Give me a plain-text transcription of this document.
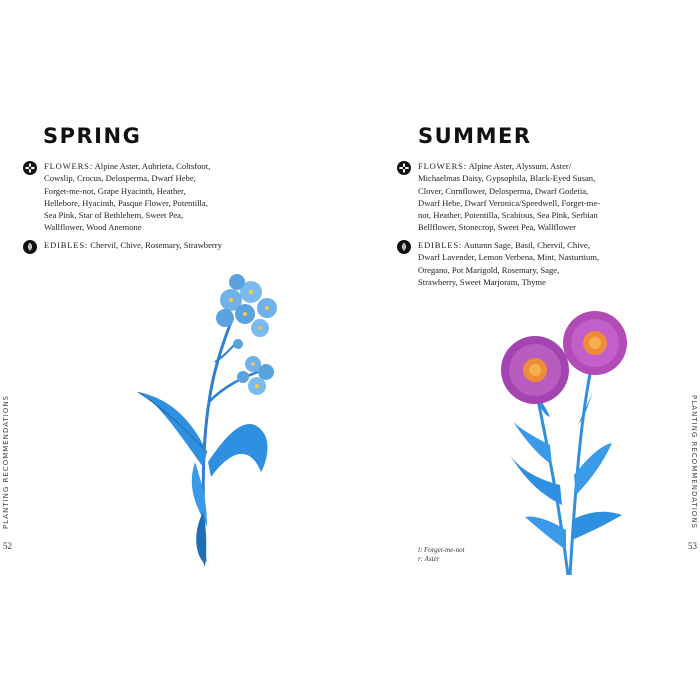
SPRING
FLOWERS: Alpine Aster, Aubrieta, Coltsfoot, Cowslip, Crocus, Delosperma, Dwarf Hebe, Forget-me-not, Grape Hyacinth, Heather, Hellebore, Hyacinth, Pasque Flower, Potentilla, Sea Pink, Star of Bethlehem, Sweet Pea, Wallflower, Wood Anemone
EDIBLES: Chervil, Chive, Rosemary, Strawberry
PLANTING RECOMMENDATIONS
52
SUMMER
FLOWERS: Alpine Aster, Alyssum, Aster/ Michaelmas Daisy, Gypsophila, Black-Eyed Susan, Clover, Cornflower, Delosperma, Dwarf Godetia, Dwarf Hebe, Dwarf Veronica/Speedwell, Forget-me-not, Heather, Potentilla, Scabious, Sea Pink, Serbian Bellflower, Stonecrop, Sweet Pea, Wallflower
EDIBLES: Autumn Sage, Basil, Chervil, Chive, Dwarf Lavender, Lemon Verbena, Mint, Nasturtium, Oregano, Pot Marigold, Rosemary, Sage, Strawberry, Sweet Marjoram, Thyme
l: Forget-me-not
r: Aster
PLANTING RECOMMENDATIONS
53
